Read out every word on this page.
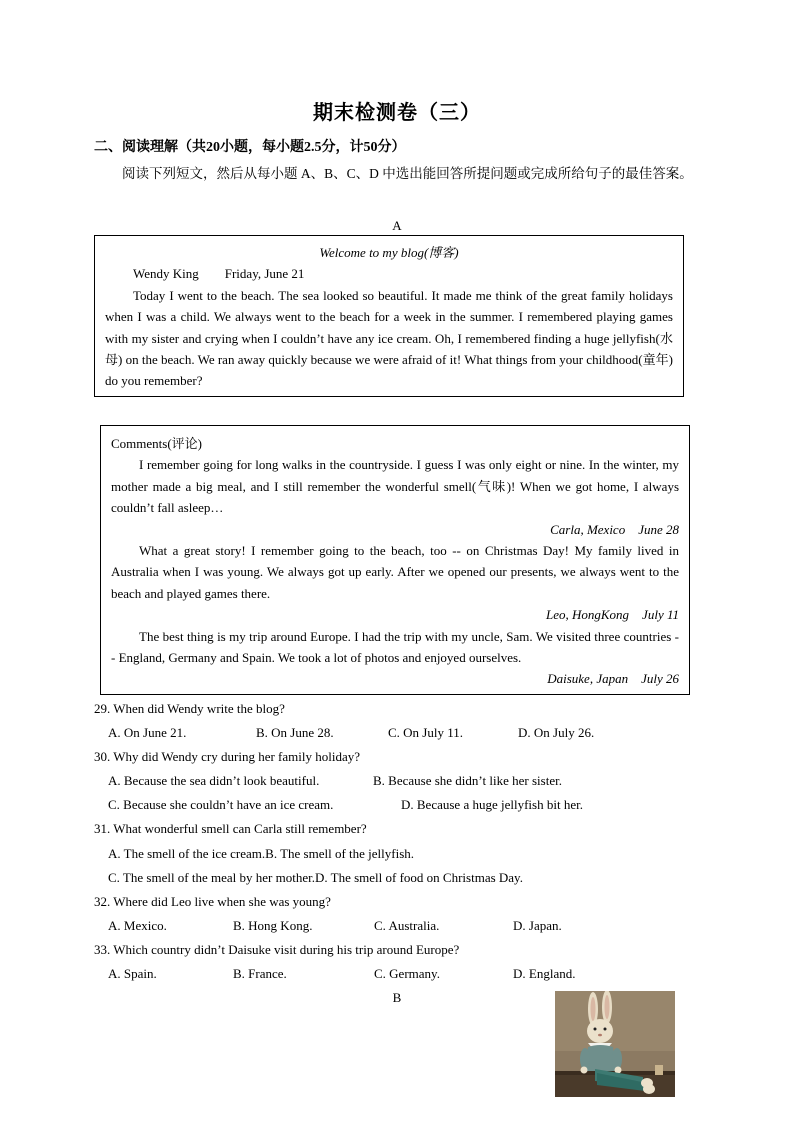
期末检测卷（三）
二、阅读理解（共20小题，每小题2.5分，计50分）
阅读下列短文，然后从每小题 A、B、C、D 中选出能回答所提问题或完成所给句子的最佳答案。
A

Welcome to my blog(博客)

Wendy King        Friday, June 21

Today I went to the beach. The sea looked so beautiful. It made me think of the great family holidays when I was a child. We always went to the beach for a week in the summer. I remembered playing games with my sister and crying when I couldn’t have any ice cream. Oh, I remembered finding a huge jellyfish(水母) on the beach. We ran away quickly because we were afraid of it! What things from your childhood(童年) do you remember?

Comments(评论)

I remember going for long walks in the countryside. I guess I was only eight or nine. In the winter, my mother made a big meal, and I still remember the wonderful smell(气味)! When we got home, I always couldn’t fall asleep…

Carla, Mexico    June 28

What a great story! I remember going to the beach, too -- on Christmas Day! My family lived in Australia when I was young. We always got up early. After we opened our presents, we always went to the beach and played games there.

Leo, HongKong    July 11

The best thing is my trip around Europe. I had the trip with my uncle, Sam. We visited three countries -- England, Germany and Spain. We took a lot of photos and enjoyed ourselves.

Daisuke, Japan    July 26

29. When did Wendy write the blog?
A. On June 21.	B. On June 28.	C. On July 11.	D. On July 26.
30. Why did Wendy cry during her family holiday?
A. Because the sea didn’t look beautiful.	B. Because she didn’t like her sister.
C. Because she couldn’t have an ice cream.	D. Because a huge jellyfish bit her.
31. What wonderful smell can Carla still remember?
A. The smell of the ice cream.B. The smell of the jellyfish.
C. The smell of the meal by her mother.D. The smell of food on Christmas Day.
32. Where did Leo live when she was young?
A. Mexico.	B. Hong Kong.	C. Australia.	D. Japan.
33. Which country didn’t Daisuke visit during his trip around Europe?
A. Spain.	B. France.	C. Germany.	D. England.
B
